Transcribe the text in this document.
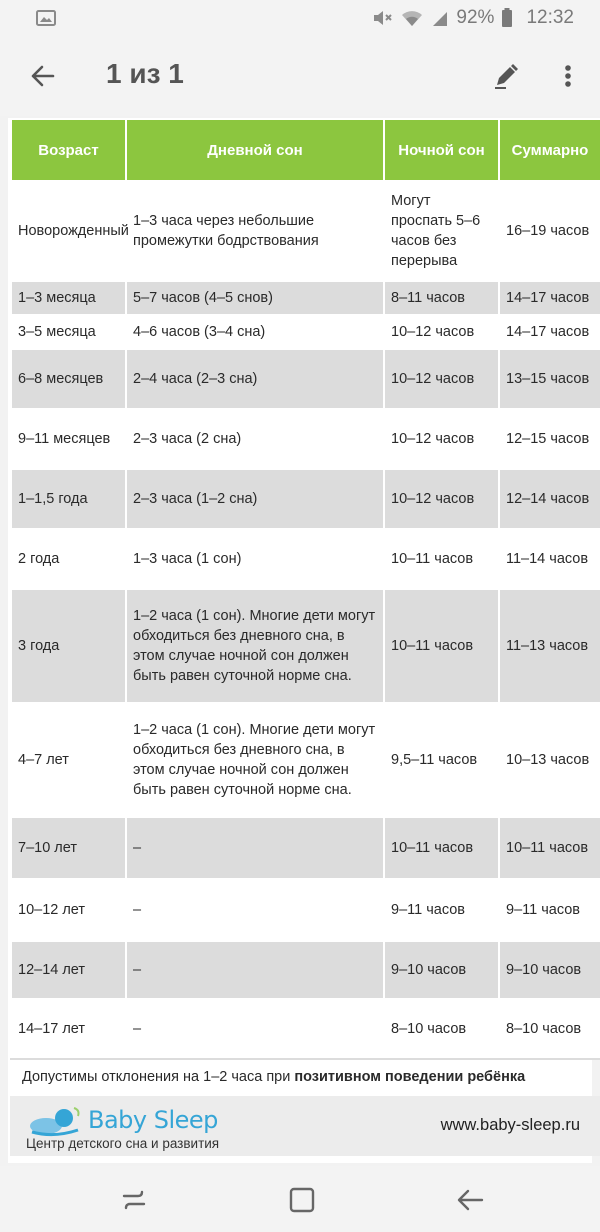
92% 12:32
1 из 1
Возраст	Дневной сон	Ночной сон	Суммарно
Новорожденный	1–3 часа через небольшие промежутки бодрствования	Могут проспать 5–6 часов без перерыва	16–19 часов
1–3 месяца	5–7 часов (4–5 снов)	8–11 часов	14–17 часов
3–5 месяца	4–6 часов (3–4 сна)	10–12 часов	14–17 часов
6–8 месяцев	2–4 часа (2–3 сна)	10–12 часов	13–15 часов
9–11 месяцев	2–3 часа (2 сна)	10–12 часов	12–15 часов
1–1,5 года	2–3 часа (1–2 сна)	10–12 часов	12–14 часов
2 года	1–3 часа (1 сон)	10–11 часов	11–14 часов
3 года	1–2 часа (1 сон). Многие дети могут обходиться без дневного сна, в этом случае ночной сон должен быть равен суточной норме сна.	10–11 часов	11–13 часов
4–7 лет	1–2 часа (1 сон). Многие дети могут обходиться без дневного сна, в этом случае ночной сон должен быть равен суточной норме сна.	9,5–11 часов	10–13 часов
7–10 лет	–	10–11 часов	10–11 часов
10–12 лет	–	9–11 часов	9–11 часов
12–14 лет	–	9–10 часов	9–10 часов
14–17 лет	–	8–10 часов	8–10 часов
Допустимы отклонения на 1–2 часа при позитивном поведении ребёнка
Baby Sleep
Центр детского сна и развития
www.baby-sleep.ru
